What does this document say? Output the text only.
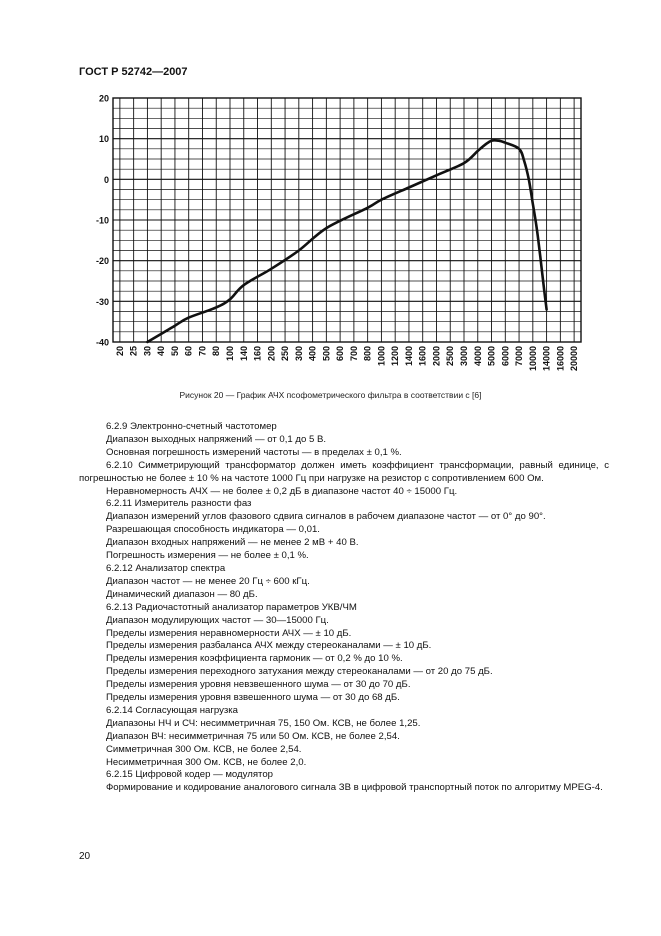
ГОСТ Р 52742—2007
20
10
0
-10
-20
-30
-40
20 25 30 40 50 60 70 80 100 140 160 200 250 300 400 500 600 700 800 1000 1200 1400 1600 2000 2500 3000 4000 5000 6000 7000 10000 14000 16000 20000
Рисунок 20 — График АЧХ псофометрического фильтра в соответствии с [6]

6.2.9 Электронно-счетный частотомер

Диапазон выходных напряжений — от 0,1 до 5 В.

Основная погрешность измерений частоты — в пределах ± 0,1 %.

6.2.10 Симметрирующий трансформатор должен иметь коэффициент трансформации, равный единице, с погрешностью не более ± 10 % на частоте 1000 Гц при нагрузке на резистор с сопротивлением 600 Ом.

Неравномерность АЧХ — не более ± 0,2 дБ в диапазоне частот 40 ÷ 15000 Гц.

6.2.11 Измеритель разности фаз

Диапазон измерений углов фазового сдвига сигналов в рабочем диапазоне частот — от 0° до 90°.

Разрешающая способность индикатора — 0,01.

Диапазон входных напряжений — не менее 2 мВ + 40 В.

Погрешность измерения — не более ± 0,1 %.

6.2.12 Анализатор спектра

Диапазон частот — не менее 20 Гц ÷ 600 кГц.

Динамический диапазон — 80 дБ.

6.2.13 Радиочастотный анализатор параметров УКВ/ЧМ

Диапазон модулирующих частот — 30—15000 Гц.

Пределы измерения неравномерности АЧХ — ± 10 дБ.

Пределы измерения разбаланса АЧХ между стереоканалами — ± 10 дБ.

Пределы измерения коэффициента гармоник — от 0,2 % до 10 %.

Пределы измерения переходного затухания между стереоканалами — от 20 до 75 дБ.

Пределы измерения уровня невзвешенного шума — от 30 до 70 дБ.

Пределы измерения уровня взвешенного шума — от 30 до 68 дБ.

6.2.14 Согласующая нагрузка

Диапазоны НЧ и СЧ: несимметричная 75, 150 Ом. КСВ, не более 1,25.

Диапазон ВЧ: несимметричная 75 или 50 Ом. КСВ, не более 2,54.

Симметричная 300 Ом. КСВ, не более 2,54.

Несимметричная 300 Ом. КСВ, не более 2,0.

6.2.15 Цифровой кодер — модулятор

Формирование и кодирование аналогового сигнала ЗВ в цифровой транспортный поток по алгоритму MPEG-4.

20
